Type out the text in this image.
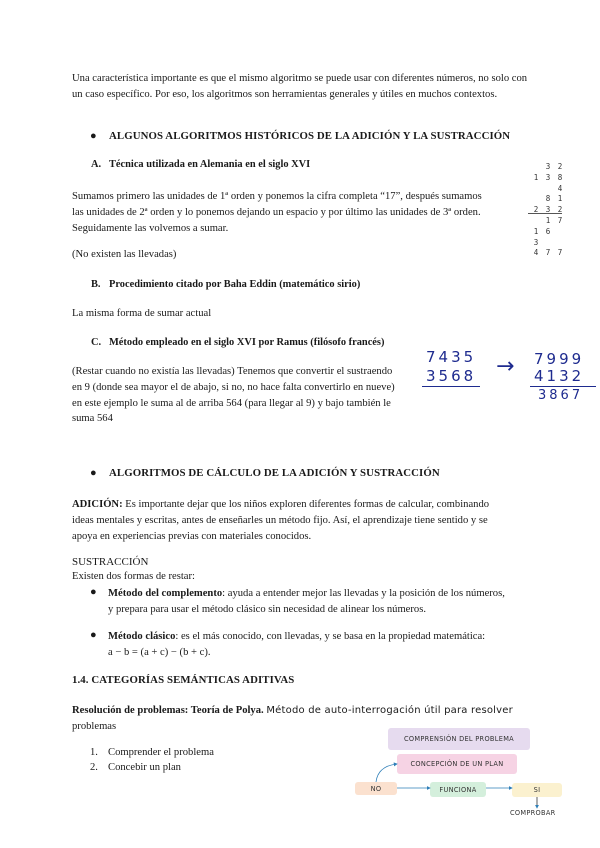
Una característica importante es que el mismo algoritmo se puede usar con diferentes números, no solo con un caso específico. Por eso, los algoritmos son herramientas generales y útiles en muchos contextos.
● ALGUNOS ALGORITMOS HISTÓRICOS DE LA ADICIÓN Y LA SUSTRACCIÓN
A. Técnica utilizada en Alemania en el siglo XVI
Sumamos primero las unidades de 1ª orden y ponemos la cifra completa “17”, después sumamos
las unidades de 2ª orden y lo ponemos dejando un espacio y por último las unidades de 3ª orden.
Seguidamente las volvemos a sumar.
(No existen las llevadas)
3 2
1 3 8
4
8 1
2 3 2
1 7
1 6
3
4 7 7
B. Procedimiento citado por Baha Eddin (matemático sirio)
La misma forma de sumar actual
C. Método empleado en el siglo XVI por Ramus (filósofo francés)
(Restar cuando no existía las llevadas) Tenemos que convertir el sustraendo
en 9 (donde sea mayor el de abajo, si no, no hace falta convertirlo en nueve)
en este ejemplo le suma al de arriba 564 (para llegar al 9) y bajo también le
suma 564
7435
3568 → 7999
4132
3867
● ALGORITMOS DE CÁLCULO DE LA ADICIÓN Y SUSTRACCIÓN
ADICIÓN: Es importante dejar que los niños exploren diferentes formas de calcular, combinando
ideas mentales y escritas, antes de enseñarles un método fijo. Así, el aprendizaje tiene sentido y se
apoya en experiencias previas con materiales conocidos.
SUSTRACCIÓN
Existen dos formas de restar:
● Método del complemento: ayuda a entender mejor las llevadas y la posición de los números,
y prepara para usar el método clásico sin necesidad de alinear los números.
● Método clásico: es el más conocido, con llevadas, y se basa en la propiedad matemática:
a − b = (a + c) − (b + c).
1.4. CATEGORÍAS SEMÁNTICAS ADITIVAS
Resolución de problemas: Teoría de Polya. Método de auto-interrogación útil para resolver
problemas
1. Comprender el problema
2. Concebir un plan
COMPRENSIÓN DEL PROBLEMA
CONCEPCIÓN DE UN PLAN
NO	FUNCIONA	SI
COMPROBAR
